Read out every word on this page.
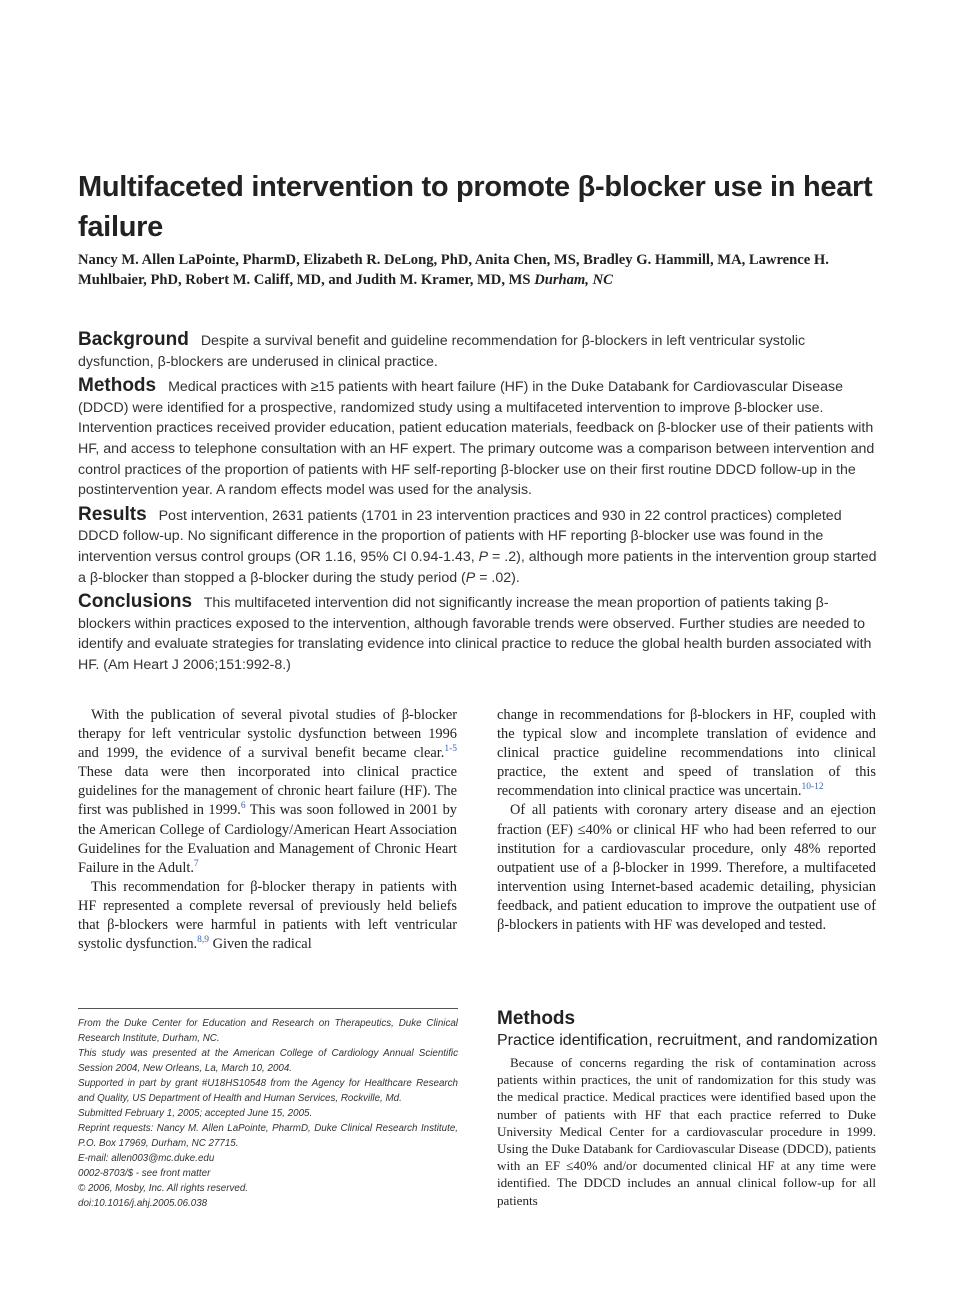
Multifaceted intervention to promote β-blocker use in heart failure
Nancy M. Allen LaPointe, PharmD, Elizabeth R. DeLong, PhD, Anita Chen, MS, Bradley G. Hammill, MA, Lawrence H. Muhlbaier, PhD, Robert M. Califf, MD, and Judith M. Kramer, MD, MS Durham, NC

Background Despite a survival benefit and guideline recommendation for β-blockers in left ventricular systolic dysfunction, β-blockers are underused in clinical practice.

Methods Medical practices with ≥15 patients with heart failure (HF) in the Duke Databank for Cardiovascular Disease (DDCD) were identified for a prospective, randomized study using a multifaceted intervention to improve β-blocker use. Intervention practices received provider education, patient education materials, feedback on β-blocker use of their patients with HF, and access to telephone consultation with an HF expert. The primary outcome was a comparison between intervention and control practices of the proportion of patients with HF self-reporting β-blocker use on their first routine DDCD follow-up in the postintervention year. A random effects model was used for the analysis.

Results Post intervention, 2631 patients (1701 in 23 intervention practices and 930 in 22 control practices) completed DDCD follow-up. No significant difference in the proportion of patients with HF reporting β-blocker use was found in the intervention versus control groups (OR 1.16, 95% CI 0.94-1.43, P = .2), although more patients in the intervention group started a β-blocker than stopped a β-blocker during the study period (P = .02).

Conclusions This multifaceted intervention did not significantly increase the mean proportion of patients taking β-blockers within practices exposed to the intervention, although favorable trends were observed. Further studies are needed to identify and evaluate strategies for translating evidence into clinical practice to reduce the global health burden associated with HF. (Am Heart J 2006;151:992-8.)

With the publication of several pivotal studies of β-blocker therapy for left ventricular systolic dysfunction between 1996 and 1999, the evidence of a survival benefit became clear.$^{1-5}$ These data were then incorporated into clinical practice guidelines for the management of chronic heart failure (HF). The first was published in 1999.$^6$ This was soon followed in 2001 by the American College of Cardiology/American Heart Association Guidelines for the Evaluation and Management of Chronic Heart Failure in the Adult.$^7$

This recommendation for β-blocker therapy in patients with HF represented a complete reversal of previously held beliefs that β-blockers were harmful in patients with left ventricular systolic dysfunction.$^{8,9}$ Given the radical

change in recommendations for β-blockers in HF, coupled with the typical slow and incomplete translation of evidence and clinical practice guideline recommendations into clinical practice, the extent and speed of translation of this recommendation into clinical practice was uncertain.$^{10-12}$

Of all patients with coronary artery disease and an ejection fraction (EF) ≤40% or clinical HF who had been referred to our institution for a cardiovascular procedure, only 48% reported outpatient use of a β-blocker in 1999. Therefore, a multifaceted intervention using Internet-based academic detailing, physician feedback, and patient education to improve the outpatient use of β-blockers in patients with HF was developed and tested.

From the Duke Center for Education and Research on Therapeutics, Duke Clinical Research Institute, Durham, NC.
This study was presented at the American College of Cardiology Annual Scientific Session 2004, New Orleans, La, March 10, 2004.
Supported in part by grant #U18HS10548 from the Agency for Healthcare Research and Quality, US Department of Health and Human Services, Rockville, Md.
Submitted February 1, 2005; accepted June 15, 2005.
Reprint requests: Nancy M. Allen LaPointe, PharmD, Duke Clinical Research Institute, P.O. Box 17969, Durham, NC 27715.
E-mail: allen003@mc.duke.edu
0002-8703/$ - see front matter
© 2006, Mosby, Inc. All rights reserved.
doi:10.1016/j.ahj.2005.06.038
Methods
Practice identification, recruitment, and randomization

Because of concerns regarding the risk of contamination across patients within practices, the unit of randomization for this study was the medical practice. Medical practices were identified based upon the number of patients with HF that each practice referred to Duke University Medical Center for a cardiovascular procedure in 1999. Using the Duke Databank for Cardiovascular Disease (DDCD), patients with an EF ≤40% and/or documented clinical HF at any time were identified. The DDCD includes an annual clinical follow-up for all patients
